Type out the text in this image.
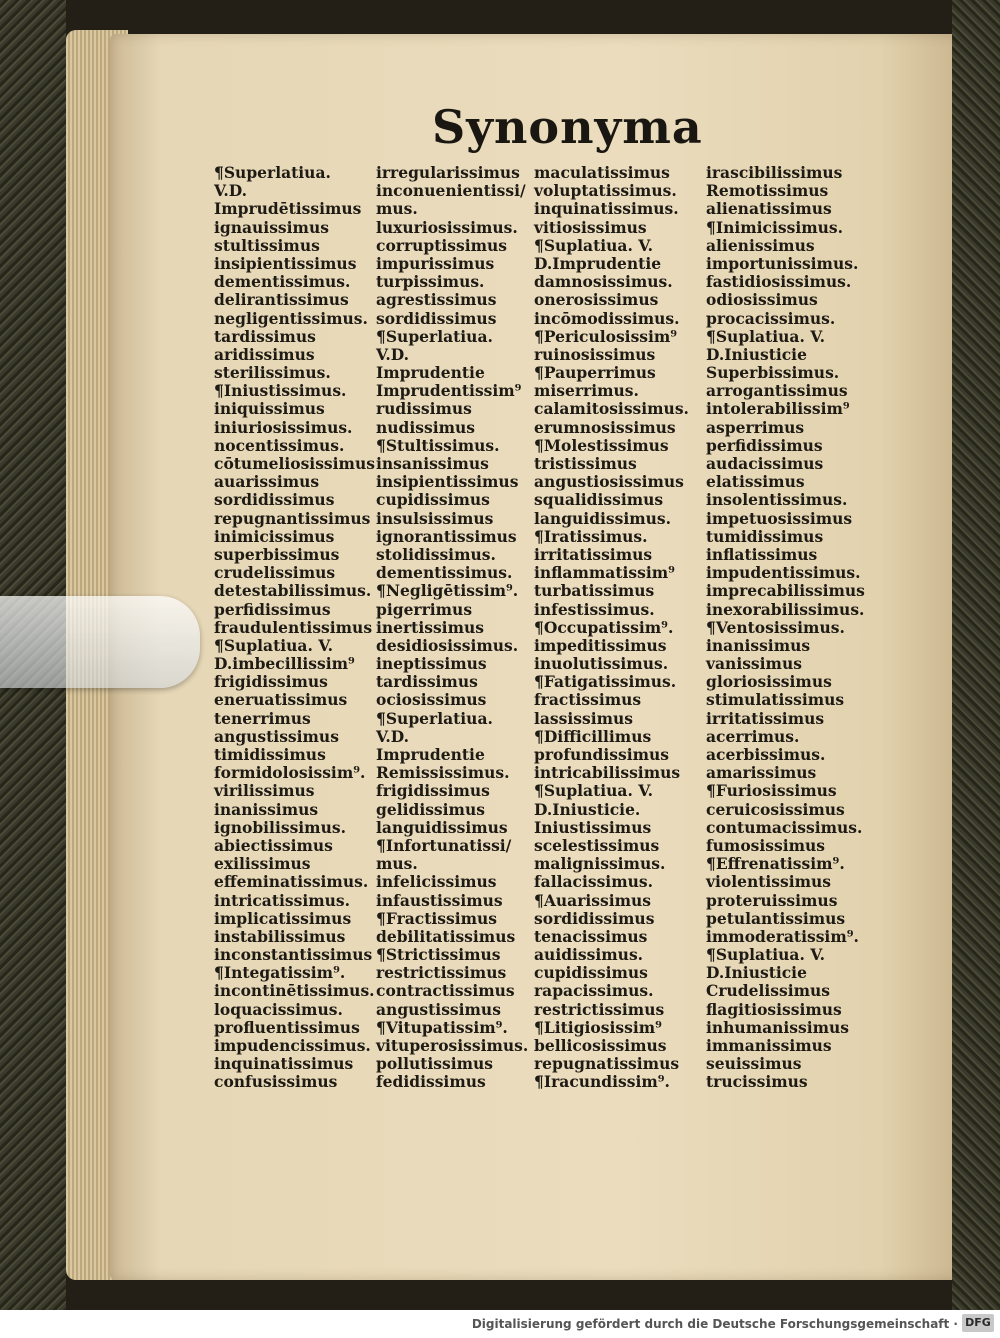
Synonyma
¶Superlatiua.
V.D.
Imprudētissimus
ignauissimus
stultissimus
insipientissimus
dementissimus.
delirantissimus
negligentissimus.
tardissimus
aridissimus
sterilissimus.
¶Iniustissimus.
iniquissimus
iniuriosissimus.
nocentissimus.
cōtumeliosissimus
auarissimus
sordidissimus
repugnantissimus
inimicissimus
superbissimus
crudelissimus
detestabilissimus.
perfidissimus
fraudulentissimus
¶Suplatiua. V.
D.imbecillissim⁹
frigidissimus
eneruatissimus
tenerrimus
angustissimus
timidissimus
formidolosissim⁹.
virilissimus
inanissimus
ignobilissimus.
abiectissimus
exilissimus
effeminatissimus.
intricatissimus.
implicatissimus
instabilissimus
inconstantissimus
¶Integatissim⁹.
incontinētissimus.
loquacissimus.
profluentissimus
impudencissimus.
inquinatissimus
confusissimus
irregularissimus
inconuenientissi/
mus.
luxuriosissimus.
corruptissimus
impurissimus
turpissimus.
agrestissimus
sordidissimus
¶Superlatiua.
V.D.
Imprudentie
Imprudentissim⁹
rudissimus
nudissimus
¶Stultissimus.
insanissimus
insipientissimus
cupidissimus
insulsissimus
ignorantissimus
stolidissimus.
dementissimus.
¶Negligētissim⁹.
pigerrimus
inertissimus
desidiosissimus.
ineptissimus
tardissimus
ociosissimus
¶Superlatiua.
V.D.
Imprudentie
Remississimus.
frigidissimus
gelidissimus
languidissimus
¶Infortunatissi/
mus.
infelicissimus
infaustissimus
¶Fractissimus
debilitatissimus
¶Strictissimus
restrictissimus
contractissimus
angustissimus
¶Vitupatissim⁹.
vituperosissimus.
pollutissimus
fedidissimus
maculatissimus
voluptatissimus.
inquinatissimus.
vitiosissimus
¶Suplatiua. V.
D.Imprudentie
damnosissimus.
onerosissimus
incōmodissimus.
¶Periculosissim⁹
ruinosissimus
¶Pauperrimus
miserrimus.
calamitosissimus.
erumnosissimus
¶Molestissimus
tristissimus
angustiosissimus
squalidissimus
languidissimus.
¶Iratissimus.
irritatissimus
inflammatissim⁹
turbatissimus
infestissimus.
¶Occupatissim⁹.
impeditissimus
inuolutissimus.
¶Fatigatissimus.
fractissimus
lassissimus
¶Difficillimus
profundissimus
intricabilissimus
¶Suplatiua. V.
D.Iniusticie.
Iniustissimus
scelestissimus
malignissimus.
fallacissimus.
¶Auarissimus
sordidissimus
tenacissimus
auidissimus.
cupidissimus
rapacissimus.
restrictissimus
¶Litigiosissim⁹
bellicosissimus
repugnatissimus
¶Iracundissim⁹.
irascibilissimus
Remotissimus
alienatissimus
¶Inimicissimus.
alienissimus
importunissimus.
fastidiosissimus.
odiosissimus
procacissimus.
¶Suplatiua. V.
D.Iniusticie
Superbissimus.
arrogantissimus
intolerabilissim⁹
asperrimus
perfidissimus
audacissimus
elatissimus
insolentissimus.
impetuosissimus
tumidissimus
inflatissimus
impudentissimus.
imprecabilissimus
inexorabilissimus.
¶Ventosissimus.
inanissimus
vanissimus
gloriosissimus
stimulatissimus
irritatissimus
acerrimus.
acerbissimus.
amarissimus
¶Furiosissimus
ceruicosissimus
contumacissimus.
fumosissimus
¶Effrenatissim⁹.
violentissimus
proteruissimus
petulantissimus
immoderatissim⁹.
¶Suplatiua. V.
D.Iniusticie
Crudelissimus
flagitiosissimus
inhumanissimus
immanissimus
seuissimus
trucissimus
Digitalisierung gefördert durch die Deutsche Forschungsgemeinschaft · DFG
